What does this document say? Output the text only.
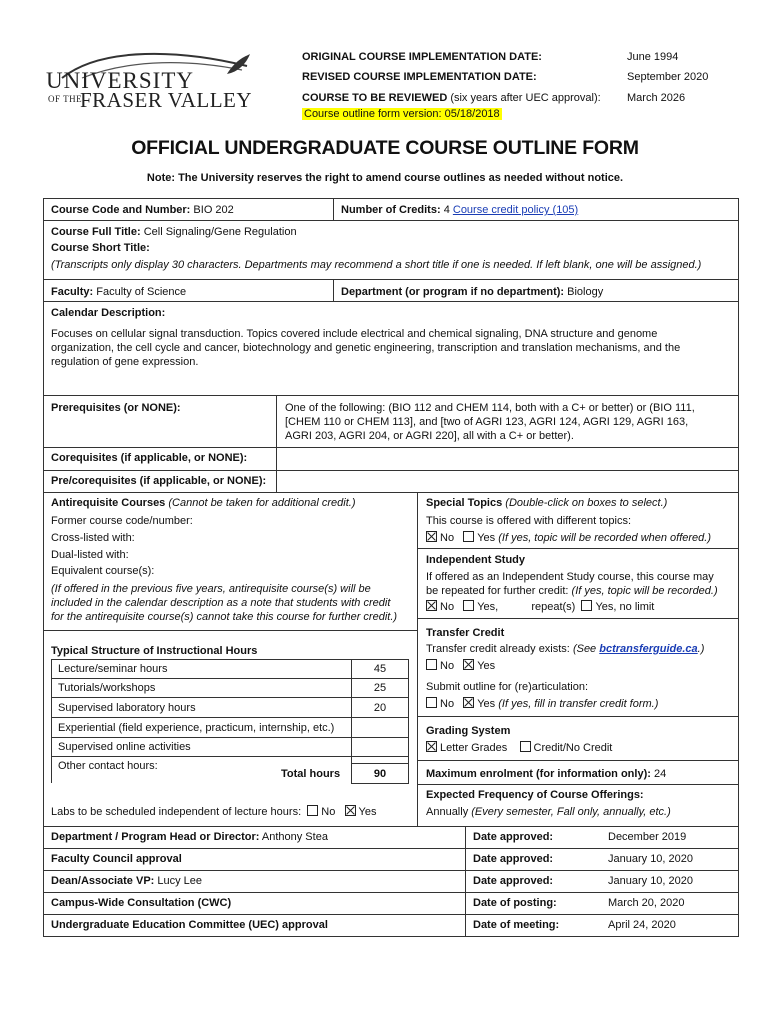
UNIVERSITY
OF THE
FRASER VALLEY
ORIGINAL COURSE IMPLEMENTATION DATE:	June 1994
REVISED COURSE IMPLEMENTATION DATE:	September 2020
COURSE TO BE REVIEWED (six years after UEC approval): March 2026
Course outline form version: 05/18/2018
OFFICIAL UNDERGRADUATE COURSE OUTLINE FORM
Note: The University reserves the right to amend course outlines as needed without notice.
Course Code and Number: BIO 202	Number of Credits: 4 Course credit policy (105)
Course Full Title: Cell Signaling/Gene Regulation
Course Short Title:
(Transcripts only display 30 characters. Departments may recommend a short title if one is needed. If left blank, one will be assigned.)
Faculty: Faculty of Science	Department (or program if no department): Biology
Calendar Description:
Focuses on cellular signal transduction. Topics covered include electrical and chemical signaling, DNA structure and genome
organization, the cell cycle and cancer, biotechnology and genetic engineering, transcription and translation mechanisms, and the
regulation of gene expression.
Prerequisites (or NONE):	One of the following: (BIO 112 and CHEM 114, both with a C+ or better) or (BIO 111,
[CHEM 110 or CHEM 113], and [two of AGRI 123, AGRI 124, AGRI 129, AGRI 163,
AGRI 203, AGRI 204, or AGRI 220], all with a C+ or better).
Corequisites (if applicable, or NONE):
Pre/corequisites (if applicable, or NONE):
Antirequisite Courses (Cannot be taken for additional credit.)
Former course code/number:
Cross-listed with:
Dual-listed with:
Equivalent course(s):
(If offered in the previous five years, antirequisite course(s) will be
included in the calendar description as a note that students with credit
for the antirequisite course(s) cannot take this course for further credit.)
Typical Structure of Instructional Hours
Lecture/seminar hours	45
Tutorials/workshops	25
Supervised laboratory hours	20
Experiential (field experience, practicum, internship, etc.)
Supervised online activities
Other contact hours:
Total hours	90
Labs to be scheduled independent of lecture hours: No Yes
Special Topics (Double-click on boxes to select.)
This course is offered with different topics:
No Yes (If yes, topic will be recorded when offered.)
Independent Study
If offered as an Independent Study course, this course may
be repeated for further credit: (If yes, topic will be recorded.)
No Yes,	repeat(s) Yes, no limit
Transfer Credit
Transfer credit already exists: (See bctransferguide.ca.)
No Yes
Submit outline for (re)articulation:
No Yes (If yes, fill in transfer credit form.)
Grading System
Letter Grades Credit/No Credit
Maximum enrolment (for information only): 24
Expected Frequency of Course Offerings:
Annually (Every semester, Fall only, annually, etc.)
Department / Program Head or Director: Anthony Stea	Date approved:	December 2019
Faculty Council approval	Date approved:	January 10, 2020
Dean/Associate VP: Lucy Lee	Date approved:	January 10, 2020
Campus-Wide Consultation (CWC)	Date of posting:	March 20, 2020
Undergraduate Education Committee (UEC) approval	Date of meeting:	April 24, 2020
